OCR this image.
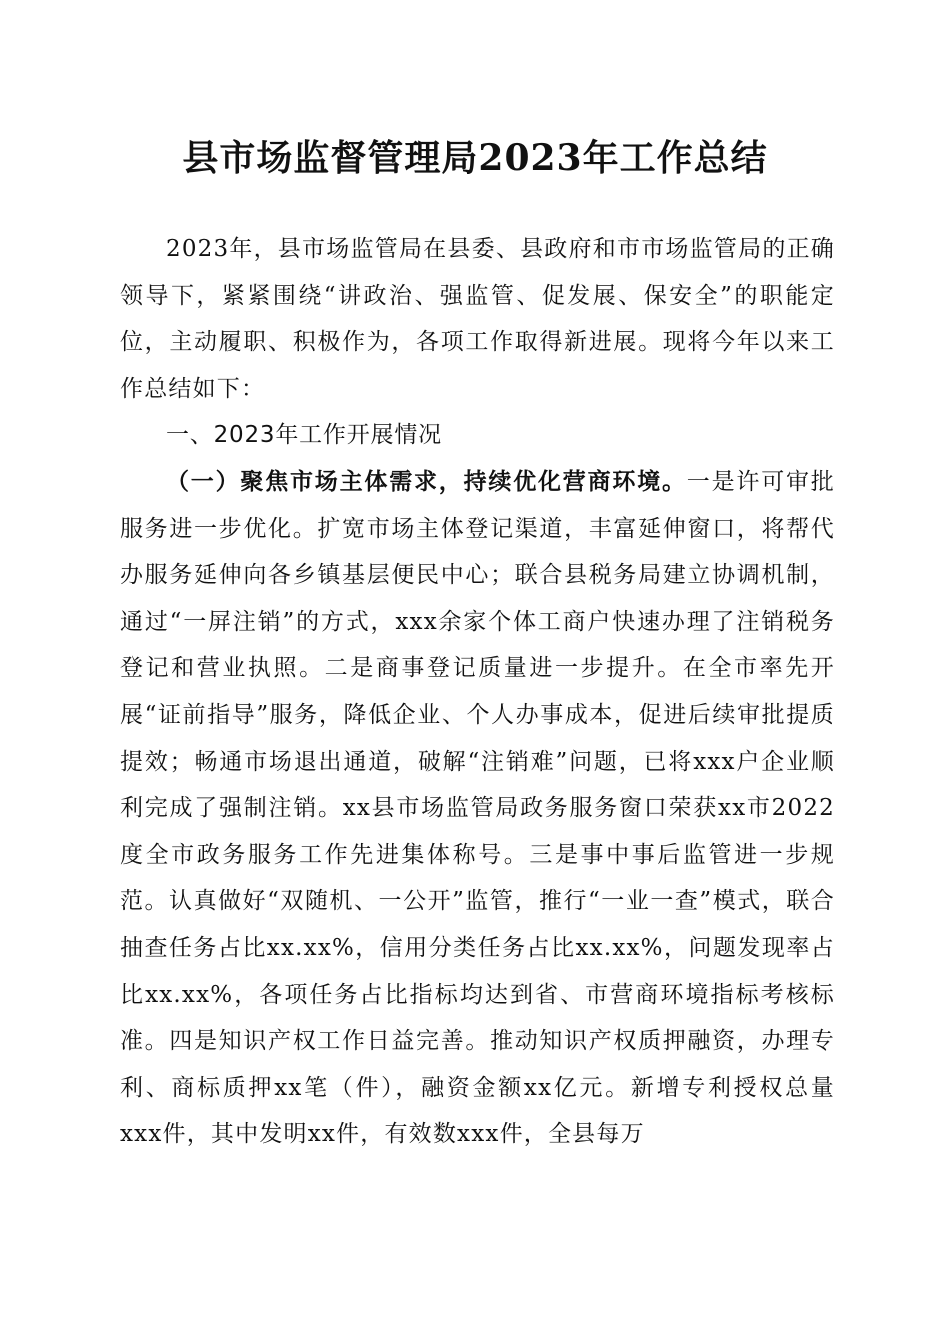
县市场监督管理局2023年工作总结

2023年，县市场监管局在县委、县政府和市市场监管局的正确领导下，紧紧围绕“讲政治、强监管、促发展、保安全”的职能定位，主动履职、积极作为，各项工作取得新进展。现将今年以来工作总结如下：

一、2023年工作开展情况

（一）聚焦市场主体需求，持续优化营商环境。一是许可审批服务进一步优化。扩宽市场主体登记渠道，丰富延伸窗口，将帮代办服务延伸向各乡镇基层便民中心；联合县税务局建立协调机制，通过“一屏注销”的方式，xxx余家个体工商户快速办理了注销税务登记和营业执照。二是商事登记质量进一步提升。在全市率先开展“证前指导”服务，降低企业、个人办事成本，促进后续审批提质提效；畅通市场退出通道，破解“注销难”问题，已将xxx户企业顺利完成了强制注销。xx县市场监管局政务服务窗口荣获xx市2022度全市政务服务工作先进集体称号。三是事中事后监管进一步规范。认真做好“双随机、一公开”监管，推行“一业一查”模式，联合抽查任务占比xx.xx%，信用分类任务占比xx.xx%，问题发现率占比xx.xx%，各项任务占比指标均达到省、市营商环境指标考核标准。四是知识产权工作日益完善。推动知识产权质押融资，办理专利、商标质押xx笔（件），融资金额xx亿元。新增专利授权总量xxx件，其中发明xx件，有效数xxx件，全县每万
